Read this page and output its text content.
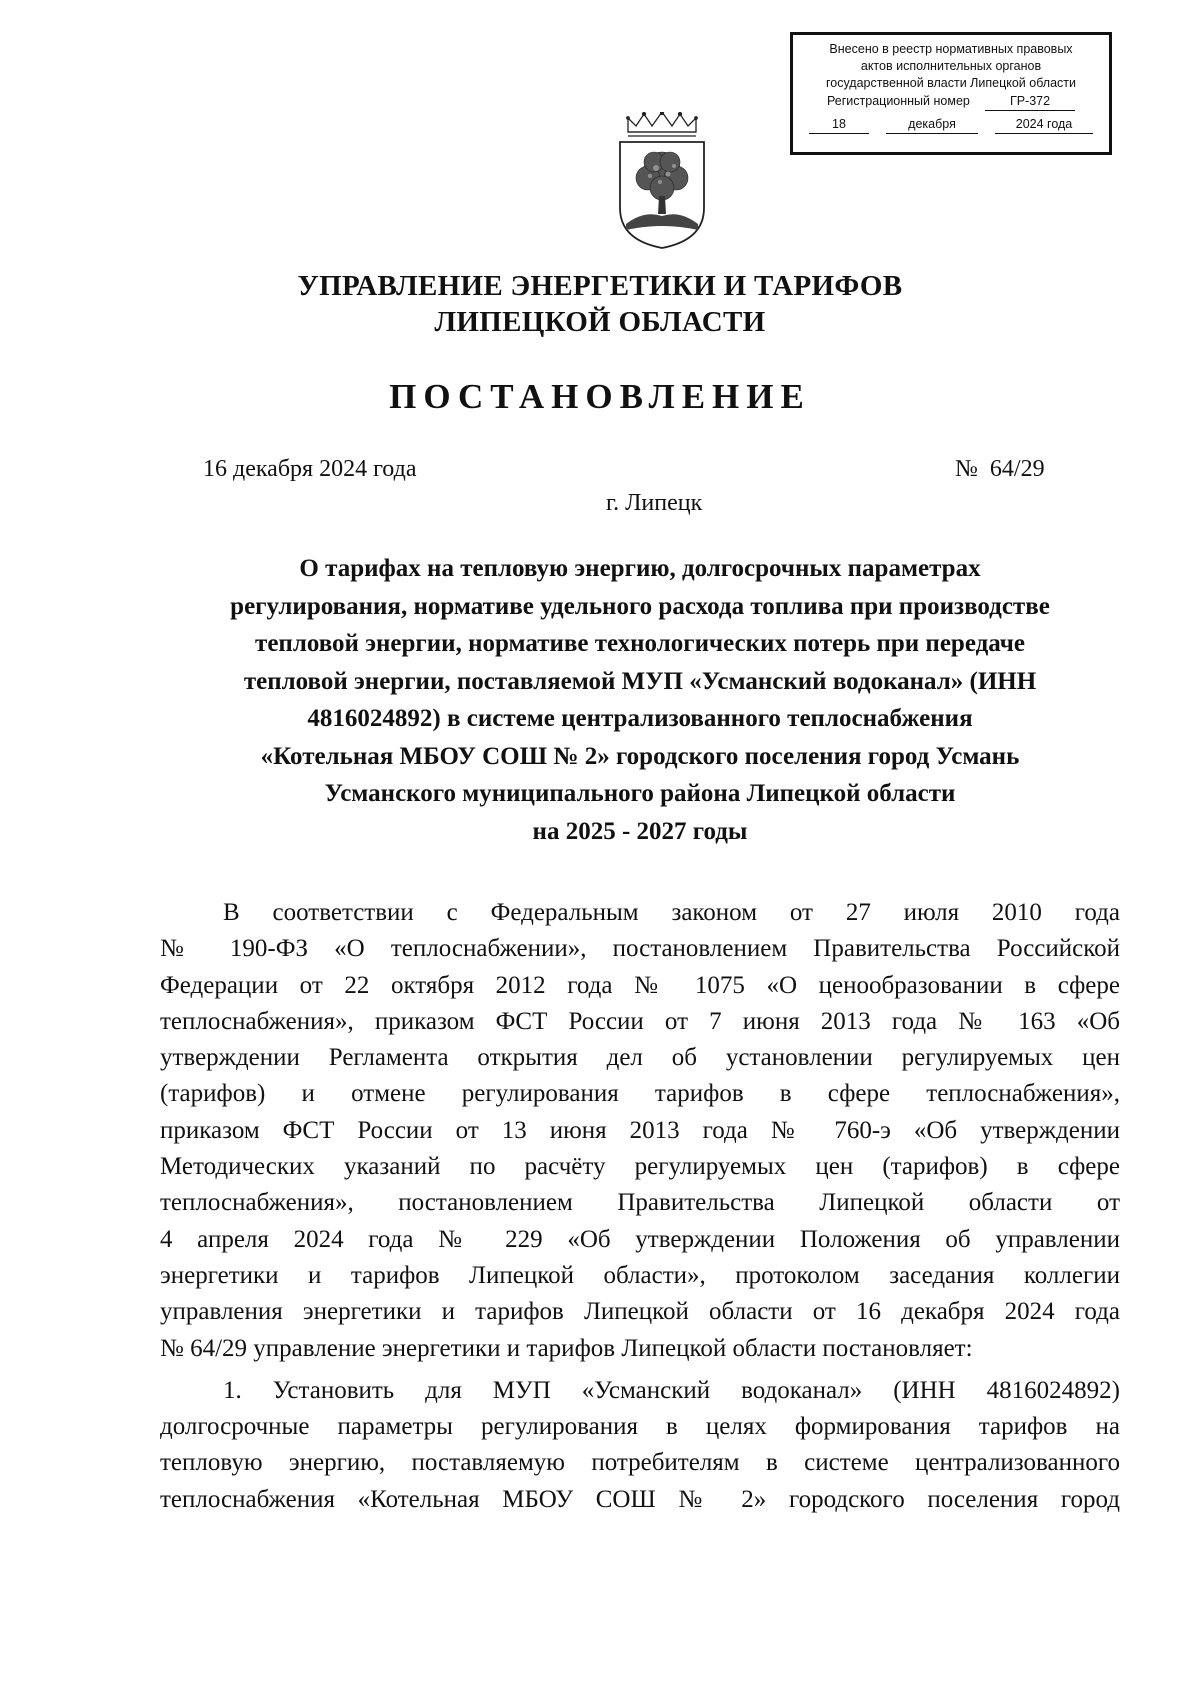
Внесено в реестр нормативных правовых
актов исполнительных органов
государственной власти Липецкой области
Регистрационный номер	ГР-372
18	декабря	2024 года
УПРАВЛЕНИЕ ЭНЕРГЕТИКИ И ТАРИФОВ
ЛИПЕЦКОЙ ОБЛАСТИ
ПОСТАНОВЛЕНИЕ
16 декабря 2024 года	№  64/29
г. Липецк
О тарифах на тепловую энергию, долгосрочных параметрах
регулирования, нормативе удельного расхода топлива при производстве
тепловой энергии, нормативе технологических потерь при передаче
тепловой энергии, поставляемой МУП «Усманский водоканал» (ИНН
4816024892) в системе централизованного теплоснабжения
«Котельная МБОУ СОШ № 2» городского поселения город Усмань
Усманского муниципального района Липецкой области
на 2025 - 2027 годы

В соответствии с Федеральным законом от 27 июля 2010 года
№ 190-ФЗ «О теплоснабжении», постановлением Правительства Российской
Федерации от 22 октября 2012 года № 1075 «О ценообразовании в сфере
теплоснабжения», приказом ФСТ России от 7 июня 2013 года № 163 «Об
утверждении Регламента открытия дел об установлении регулируемых цен
(тарифов) и отмене регулирования тарифов в сфере теплоснабжения»,
приказом ФСТ России от 13 июня 2013 года № 760-э «Об утверждении
Методических указаний по расчёту регулируемых цен (тарифов) в сфере
теплоснабжения», постановлением Правительства Липецкой области от
4 апреля 2024 года № 229 «Об утверждении Положения об управлении
энергетики и тарифов Липецкой области», протоколом заседания коллегии
управления энергетики и тарифов Липецкой области от 16 декабря 2024 года
№ 64/29 управление энергетики и тарифов Липецкой области постановляет:

1. Установить для МУП «Усманский водоканал» (ИНН 4816024892)
долгосрочные параметры регулирования в целях формирования тарифов на
тепловую энергию, поставляемую потребителям в системе централизованного
теплоснабжения «Котельная МБОУ СОШ № 2» городского поселения город
